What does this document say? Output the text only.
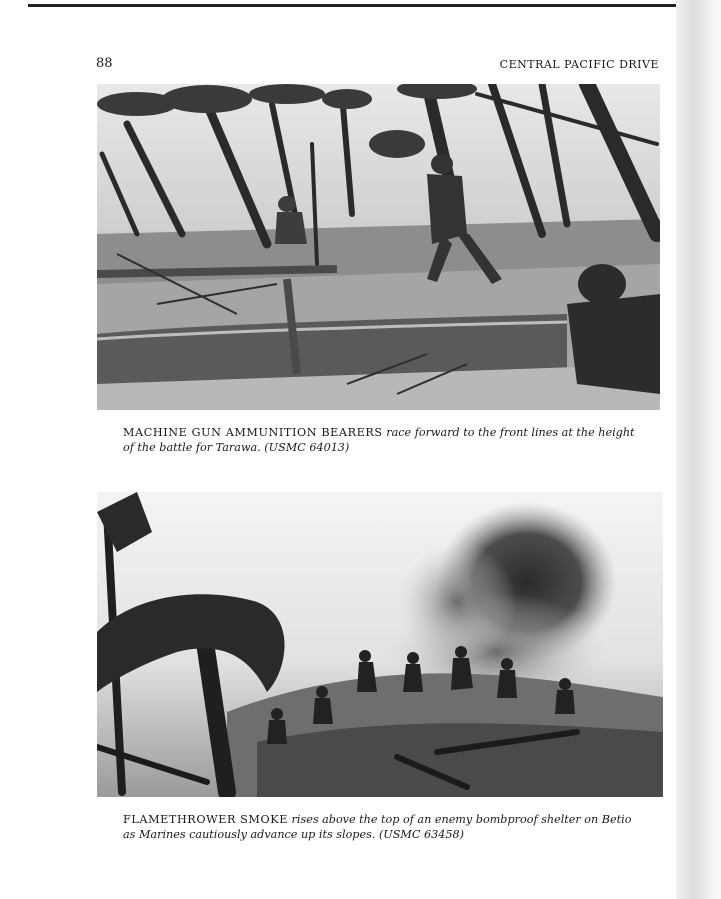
88	CENTRAL PACIFIC DRIVE
MACHINE GUN AMMUNITION BEARERS race forward to the front lines at the height of the battle for Tarawa. (USMC 64013)
FLAMETHROWER SMOKE rises above the top of an enemy bombproof shelter on Betio as Marines cautiously advance up its slopes. (USMC 63458)
